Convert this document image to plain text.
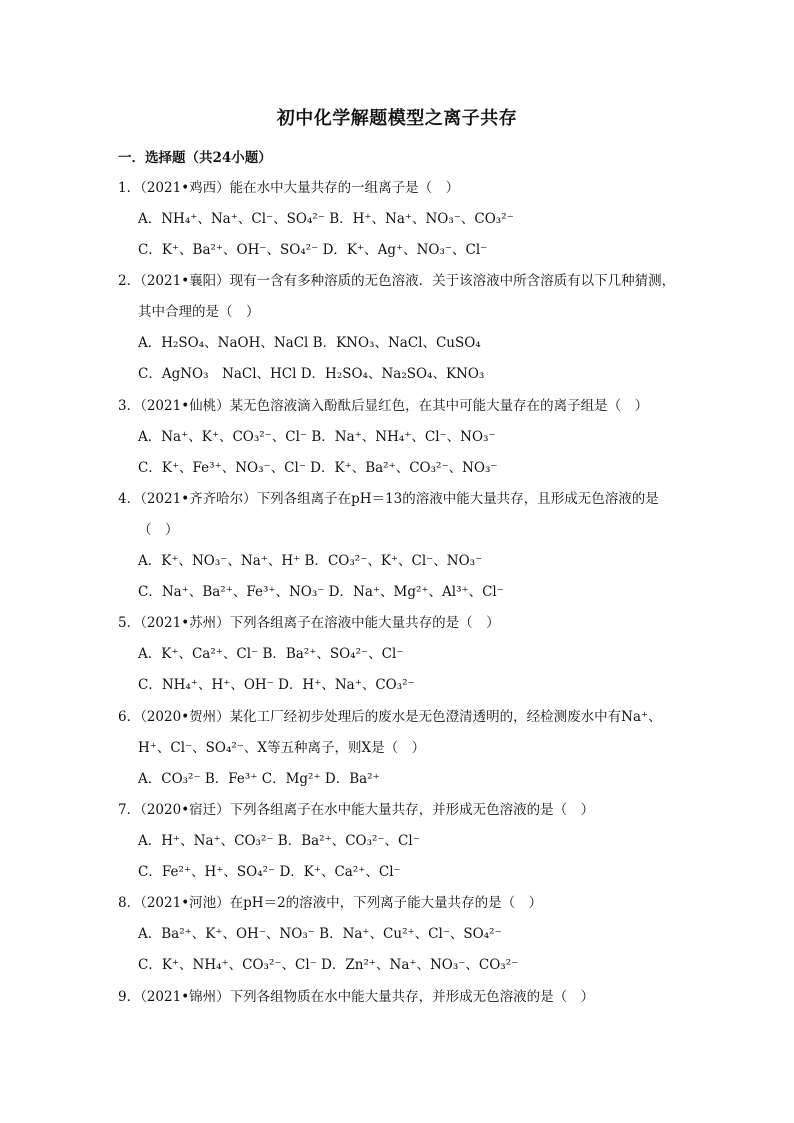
初中化学解题模型之离子共存
一．选择题（共24小题）
1．（2021•鸡西）能在水中大量共存的一组离子是（　）
A．NH₄⁺、Na⁺、Cl⁻、SO₄²⁻ B．H⁺、Na⁺、NO₃⁻、CO₃²⁻
C．K⁺、Ba²⁺、OH⁻、SO₄²⁻ D．K⁺、Ag⁺、NO₃⁻、Cl⁻
2．（2021•襄阳）现有一含有多种溶质的无色溶液．关于该溶液中所含溶质有以下几种猜测，
其中合理的是（　）
A．H₂SO₄、NaOH、NaCl B．KNO₃、NaCl、CuSO₄
C．AgNO₃　NaCl、HCl D．H₂SO₄、Na₂SO₄、KNO₃
3．（2021•仙桃）某无色溶液滴入酚酞后显红色，在其中可能大量存在的离子组是（　）
A．Na⁺、K⁺、CO₃²⁻、Cl⁻ B．Na⁺、NH₄⁺、Cl⁻、NO₃⁻
C．K⁺、Fe³⁺、NO₃⁻、Cl⁻ D．K⁺、Ba²⁺、CO₃²⁻、NO₃⁻
4．（2021•齐齐哈尔）下列各组离子在pH＝13的溶液中能大量共存，且形成无色溶液的是
（　）
A．K⁺、NO₃⁻、Na⁺、H⁺ B．CO₃²⁻、K⁺、Cl⁻、NO₃⁻
C．Na⁺、Ba²⁺、Fe³⁺、NO₃⁻ D．Na⁺、Mg²⁺、Al³⁺、Cl⁻
5．（2021•苏州）下列各组离子在溶液中能大量共存的是（　）
A．K⁺、Ca²⁺、Cl⁻ B．Ba²⁺、SO₄²⁻、Cl⁻
C．NH₄⁺、H⁺、OH⁻ D．H⁺、Na⁺、CO₃²⁻
6．（2020•贺州）某化工厂经初步处理后的废水是无色澄清透明的，经检测废水中有Na⁺、
H⁺、Cl⁻、SO₄²⁻、X等五种离子，则X是（　）
A．CO₃²⁻ B．Fe³⁺ C．Mg²⁺ D．Ba²⁺
7．（2020•宿迁）下列各组离子在水中能大量共存，并形成无色溶液的是（　）
A．H⁺、Na⁺、CO₃²⁻ B．Ba²⁺、CO₃²⁻、Cl⁻
C．Fe²⁺、H⁺、SO₄²⁻ D．K⁺、Ca²⁺、Cl⁻
8．（2021•河池）在pH＝2的溶液中，下列离子能大量共存的是（　）
A．Ba²⁺、K⁺、OH⁻、NO₃⁻ B．Na⁺、Cu²⁺、Cl⁻、SO₄²⁻
C．K⁺、NH₄⁺、CO₃²⁻、Cl⁻ D．Zn²⁺、Na⁺、NO₃⁻、CO₃²⁻
9．（2021•锦州）下列各组物质在水中能大量共存，并形成无色溶液的是（　）
